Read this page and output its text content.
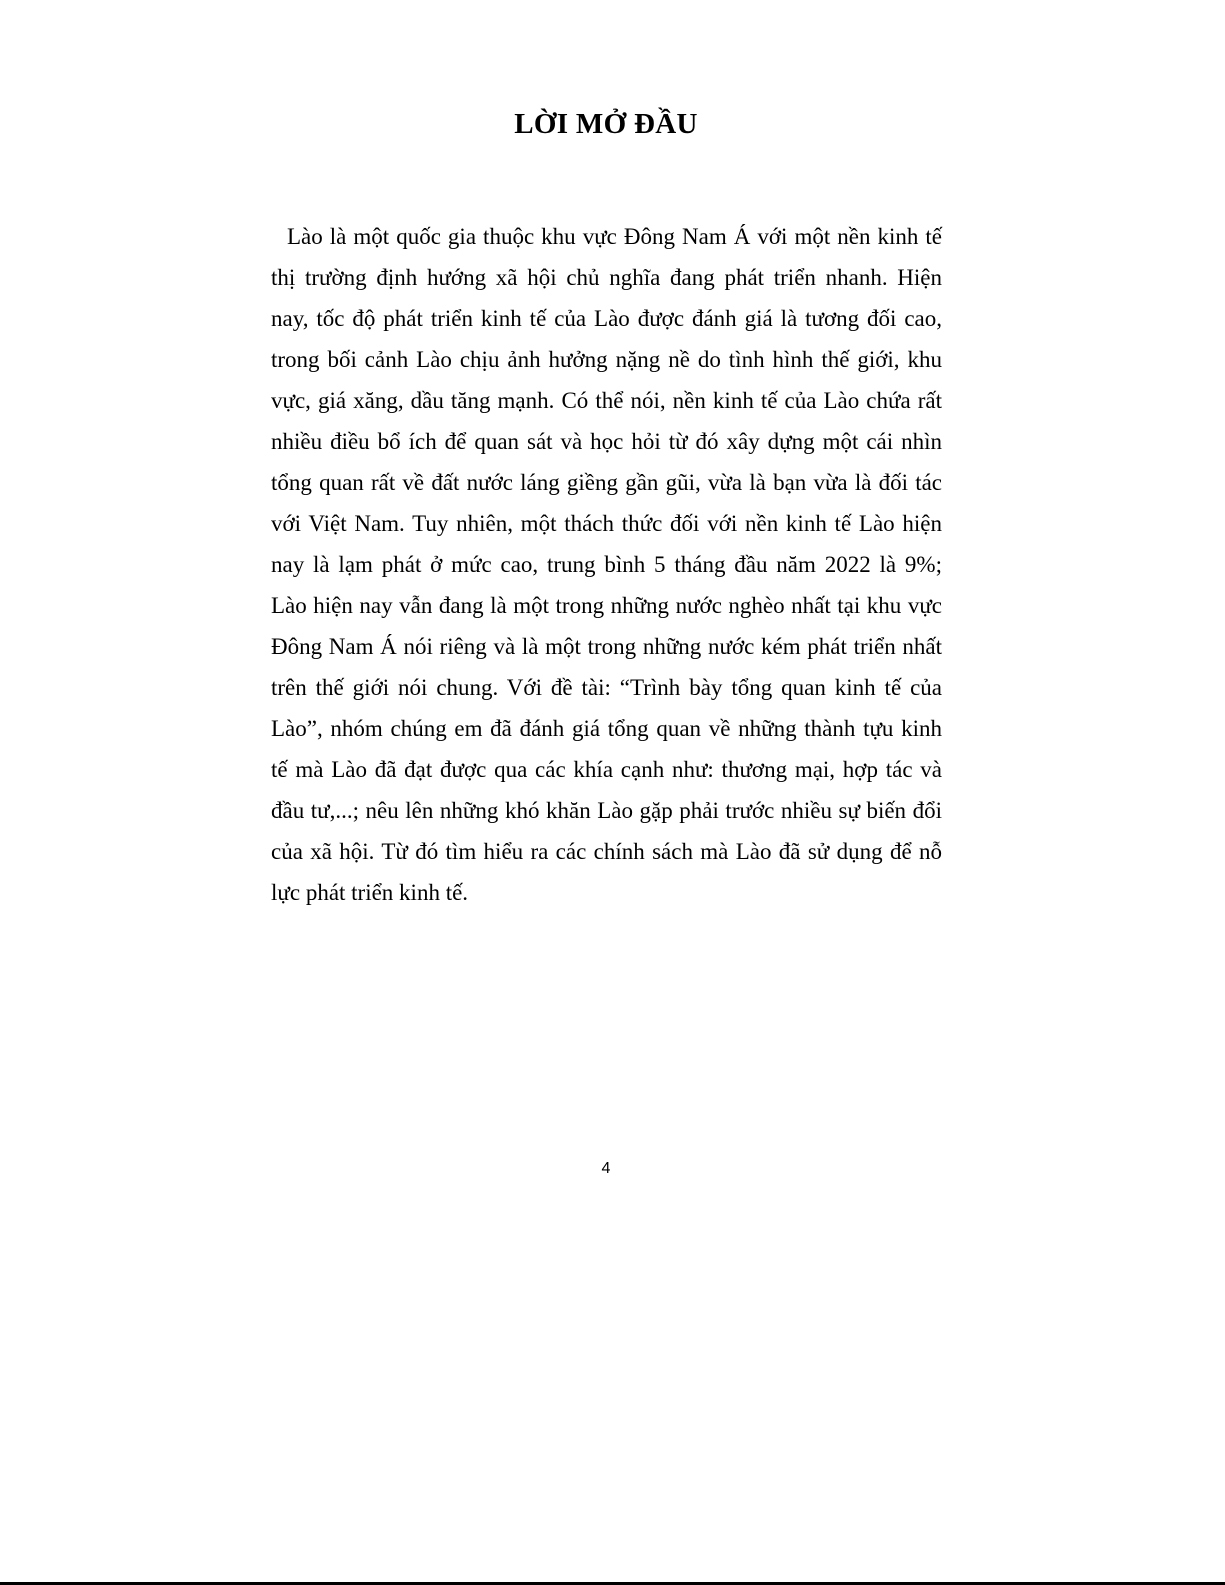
LỜI MỞ ĐẦU
Lào là một quốc gia thuộc khu vực Đông Nam Á với một nền kinh tế
thị trường định hướng xã hội chủ nghĩa đang phát triển nhanh. Hiện
nay, tốc độ phát triển kinh tế của Lào được đánh giá là tương đối cao,
trong bối cảnh Lào chịu ảnh hưởng nặng nề do tình hình thế giới, khu
vực, giá xăng, dầu tăng mạnh. Có thể nói, nền kinh tế của Lào chứa rất
nhiều điều bổ ích để quan sát và học hỏi từ đó xây dựng một cái nhìn
tổng quan rất về đất nước láng giềng gần gũi, vừa là bạn vừa là đối tác
với Việt Nam. Tuy nhiên, một thách thức đối với nền kinh tế Lào hiện
nay là lạm phát ở mức cao, trung bình 5 tháng đầu năm 2022 là 9%;
Lào hiện nay vẫn đang là một trong những nước nghèo nhất tại khu vực
Đông Nam Á nói riêng và là một trong những nước kém phát triển nhất
trên thế giới nói chung. Với đề tài: “Trình bày tổng quan kinh tế của
Lào”, nhóm chúng em đã đánh giá tổng quan về những thành tựu kinh
tế mà Lào đã đạt được qua các khía cạnh như: thương mại, hợp tác và
đầu tư,...; nêu lên những khó khăn Lào gặp phải trước nhiều sự biến đổi
của xã hội. Từ đó tìm hiểu ra các chính sách mà Lào đã sử dụng để nỗ
lực phát triển kinh tế.
4
